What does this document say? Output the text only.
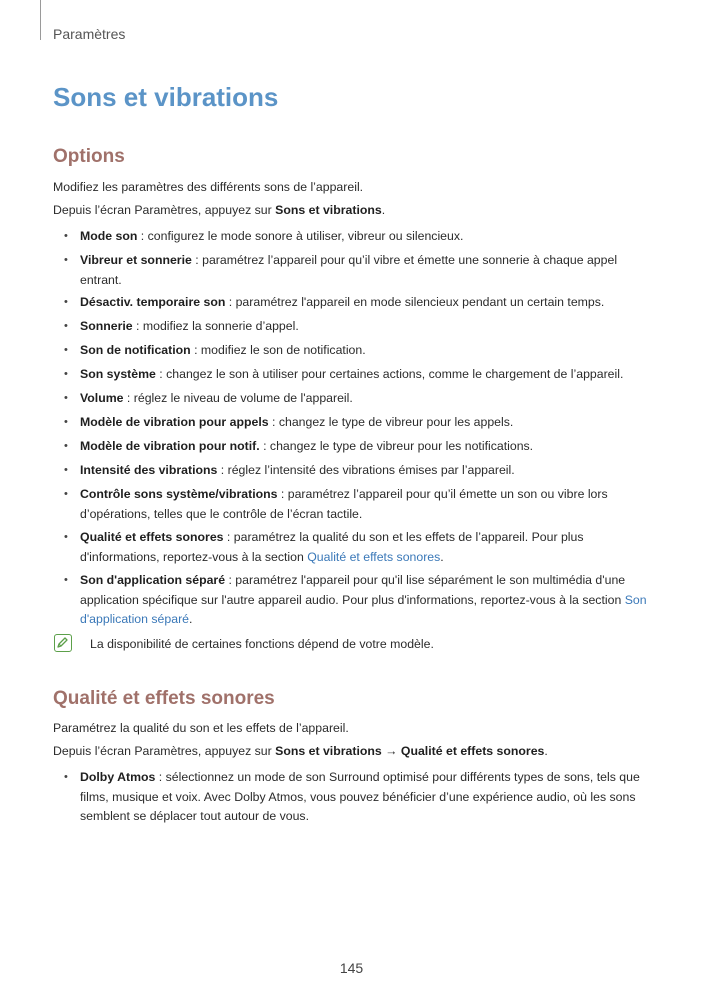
Paramètres
Sons et vibrations
Options

Modifiez les paramètres des différents sons de l’appareil.

Depuis l’écran Paramètres, appuyez sur Sons et vibrations.

• Mode son : configurez le mode sonore à utiliser, vibreur ou silencieux.
• Vibreur et sonnerie : paramétrez l’appareil pour qu’il vibre et émette une sonnerie à chaque appel entrant.
• Désactiv. temporaire son : paramétrez l'appareil en mode silencieux pendant un certain temps.
• Sonnerie : modifiez la sonnerie d’appel.
• Son de notification : modifiez le son de notification.
• Son système : changez le son à utiliser pour certaines actions, comme le chargement de l’appareil.
• Volume : réglez le niveau de volume de l'appareil.
• Modèle de vibration pour appels : changez le type de vibreur pour les appels.
• Modèle de vibration pour notif. : changez le type de vibreur pour les notifications.
• Intensité des vibrations : réglez l’intensité des vibrations émises par l’appareil.
• Contrôle sons système/vibrations : paramétrez l’appareil pour qu’il émette un son ou vibre lors d’opérations, telles que le contrôle de l’écran tactile.
• Qualité et effets sonores : paramétrez la qualité du son et les effets de l’appareil. Pour plus d'informations, reportez-vous à la section Qualité et effets sonores.
• Son d'application séparé : paramétrez l'appareil pour qu'il lise séparément le son multimédia d'une application spécifique sur l'autre appareil audio. Pour plus d'informations, reportez-vous à la section Son d'application séparé.
La disponibilité de certaines fonctions dépend de votre modèle.
Qualité et effets sonores

Paramétrez la qualité du son et les effets de l’appareil.

Depuis l’écran Paramètres, appuyez sur Sons et vibrations → Qualité et effets sonores.

• Dolby Atmos : sélectionnez un mode de son Surround optimisé pour différents types de sons, tels que films, musique et voix. Avec Dolby Atmos, vous pouvez bénéficier d’une expérience audio, où les sons semblent se déplacer tout autour de vous.
145
